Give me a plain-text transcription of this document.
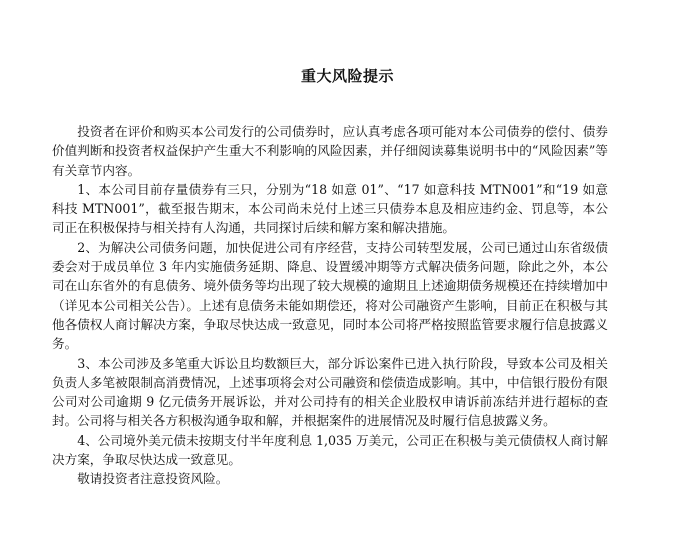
重大风险提示

投资者在评价和购买本公司发行的公司债券时，应认真考虑各项可能对本公司债券的偿付、债券价值判断和投资者权益保护产生重大不利影响的风险因素，并仔细阅读募集说明书中的“风险因素”等有关章节内容。

1、本公司目前存量债券有三只，分别为“18 如意 01”、“17 如意科技 MTN001”和“19 如意科技 MTN001”，截至报告期末，本公司尚未兑付上述三只债券本息及相应违约金、罚息等，本公司正在积极保持与相关持有人沟通，共同探讨后续和解方案和解决措施。

2、为解决公司债务问题，加快促进公司有序经营，支持公司转型发展，公司已通过山东省级债委会对于成员单位 3 年内实施债务延期、降息、设置缓冲期等方式解决债务问题，除此之外，本公司在山东省外的有息债务、境外债务等均出现了较大规模的逾期且上述逾期债务规模还在持续增加中（详见本公司相关公告）。上述有息债务未能如期偿还，将对公司融资产生影响，目前正在积极与其他各债权人商讨解决方案，争取尽快达成一致意见，同时本公司将严格按照监管要求履行信息披露义务。

3、本公司涉及多笔重大诉讼且均数额巨大，部分诉讼案件已进入执行阶段，导致本公司及相关负责人多笔被限制高消费情况，上述事项将会对公司融资和偿债造成影响。其中，中信银行股份有限公司对公司逾期 9 亿元债务开展诉讼，并对公司持有的相关企业股权申请诉前冻结并进行超标的查封。公司将与相关各方积极沟通争取和解，并根据案件的进展情况及时履行信息披露义务。

4、公司境外美元债未按期支付半年度利息 1,035 万美元，公司正在积极与美元债债权人商讨解决方案，争取尽快达成一致意见。

敬请投资者注意投资风险。
